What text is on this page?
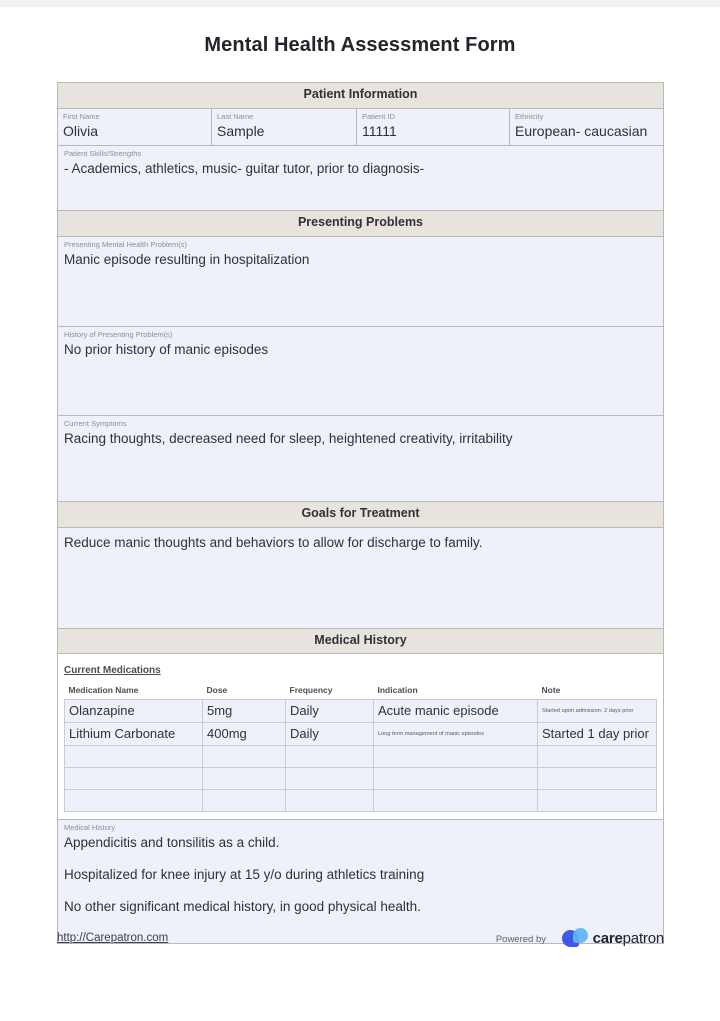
Mental Health Assessment Form
Patient Information
First Name
Olivia
Last Name
Sample
Patient ID
11111
Ethnicity
European- caucasian
Patient Skills/Strengths
- Academics, athletics, music- guitar tutor, prior to diagnosis-
Presenting Problems
Presenting Mental Health Problem(s)
Manic episode resulting in hospitalization
History of Presenting Problem(s)
No prior history of manic episodes
Current Symptoms
Racing thoughts, decreased need for sleep, heightened creativity, irritability
Goals for Treatment
Reduce manic thoughts and behaviors to allow for discharge to family.
Medical History
Current Medications
Medication Name	Dose	Frequency	Indication	Note
Olanzapine	5mg	Daily	Acute manic episode	Started upon admission- 2 days prior
Lithium Carbonate	400mg	Daily	Long term management of manic episodes	Started 1 day prior

Medical History

Appendicitis and tonsilitis as a child.

Hospitalized for knee injury at 15 y/o during athletics training

No other significant medical history, in good physical health.

http://Carepatron.com	Powered by	carepatron
